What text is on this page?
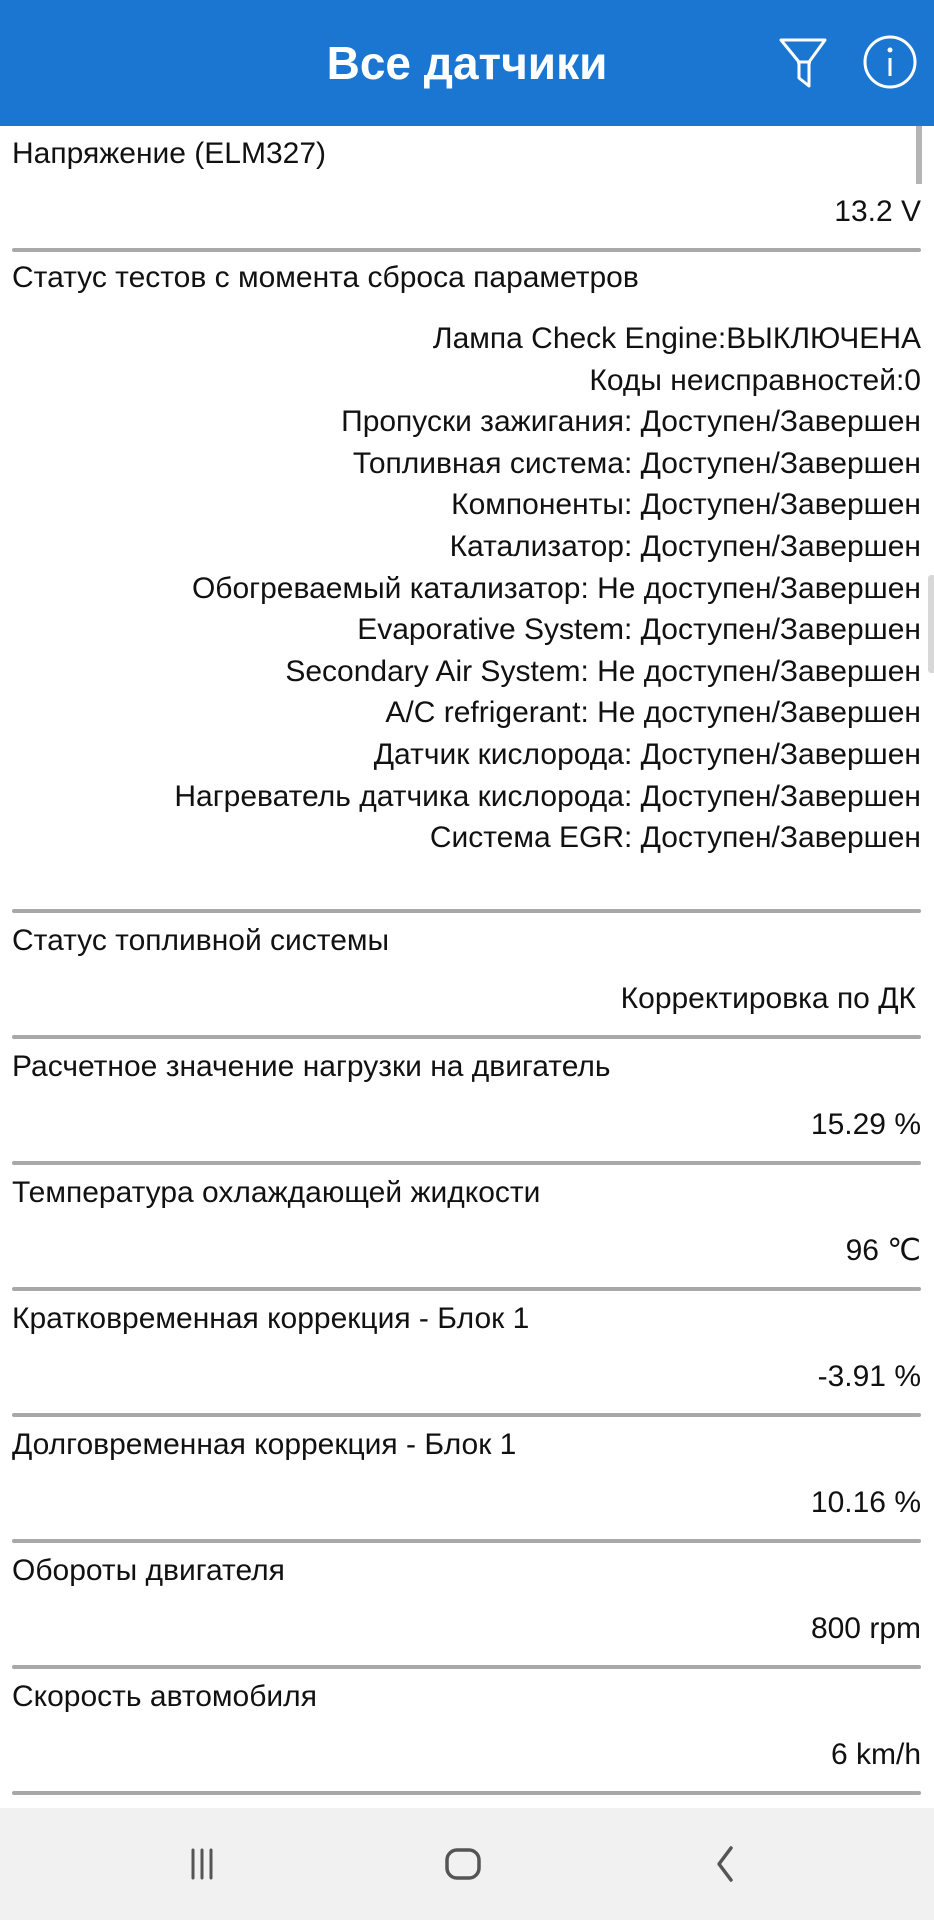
Все датчики
Напряжение (ELM327)
13.2 V
Статус тестов с момента сброса параметров
Лампа Check Engine:ВЫКЛЮЧЕНА
Коды неисправностей:0
Пропуски зажигания: Доступен/Завершен
Топливная система: Доступен/Завершен
Компоненты: Доступен/Завершен
Катализатор: Доступен/Завершен
Обогреваемый катализатор: Не доступен/Завершен
Evaporative System: Доступен/Завершен
Secondary Air System: Не доступен/Завершен
A/C refrigerant: Не доступен/Завершен
Датчик кислорода: Доступен/Завершен
Нагреватель датчика кислорода: Доступен/Завершен
Система EGR: Доступен/Завершен
Статус топливной системы
Корректировка по ДК
Расчетное значение нагрузки на двигатель
15.29 %
Температура охлаждающей жидкости
96 ℃
Кратковременная коррекция - Блок 1
-3.91 %
Долговременная коррекция - Блок 1
10.16 %
Обороты двигателя
800 rpm
Скорость автомобиля
6 km/h
